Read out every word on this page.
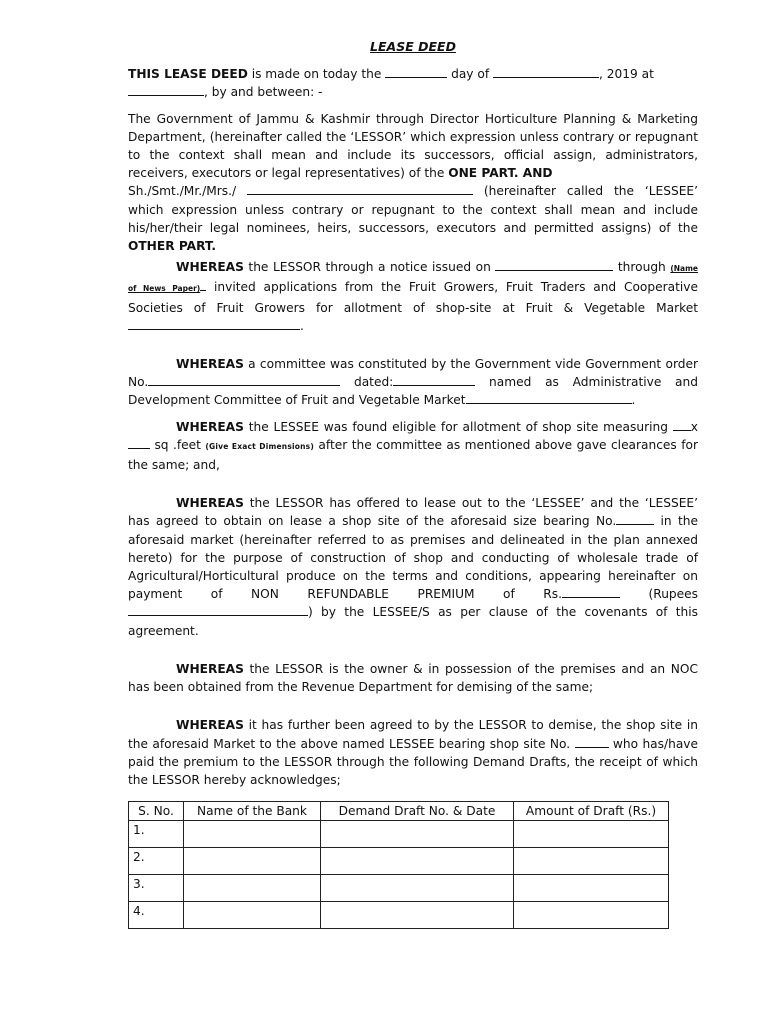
LEASE DEED

THIS LEASE DEED is made on today the	day of	, 2019 at
, by and between: -

The Government of Jammu & Kashmir through Director Horticulture Planning & Marketing Department, (hereinafter called the ‘LESSOR’ which expression unless contrary or repugnant to the context shall mean and include its successors, official assign, administrators, receivers, executors or legal representatives) of the ONE PART. AND

Sh./Smt./Mr./Mrs./	(hereinafter called the ‘LESSEE’ which expression unless contrary or repugnant to the context shall mean and include his/her/their legal nominees, heirs, successors, executors and permitted assigns) of the OTHER PART.

WHEREAS the LESSOR through a notice issued on	through (Name of News Paper) invited applications from the Fruit Growers, Fruit Traders and Cooperative Societies of Fruit Growers for allotment of shop-site at Fruit & Vegetable Market .

WHEREAS a committee was constituted by the Government vide Government order No.	dated:	named as Administrative and Development Committee of Fruit and Vegetable Market	.

WHEREAS the LESSEE was found eligible for allotment of shop site measuring x sq .feet (Give Exact Dimensions) after the committee as mentioned above gave clearances for the same; and,

WHEREAS the LESSOR has offered to lease out to the ‘LESSEE’ and the ‘LESSEE’ has agreed to obtain on lease a shop site of the aforesaid size bearing No.	in the aforesaid market (hereinafter referred to as premises and delineated in the plan annexed hereto) for the purpose of construction of shop and conducting of wholesale trade of Agricultural/Horticultural produce on the terms and conditions, appearing hereinafter on payment of NON REFUNDABLE PREMIUM of Rs.	(Rupees ) by the LESSEE/S as per clause of the covenants of this agreement.

WHEREAS the LESSOR is the owner & in possession of the premises and an NOC has been obtained from the Revenue Department for demising of the same;

WHEREAS it has further been agreed to by the LESSOR to demise, the shop site in the aforesaid Market to the above named LESSEE bearing shop site No.	who has/have paid the premium to the LESSOR through the following Demand Drafts, the receipt of which the LESSOR hereby acknowledges;

S. No.	Name of the Bank	Demand Draft No. & Date	Amount of Draft (Rs.)
1.			
2.			
3.			
4.			
